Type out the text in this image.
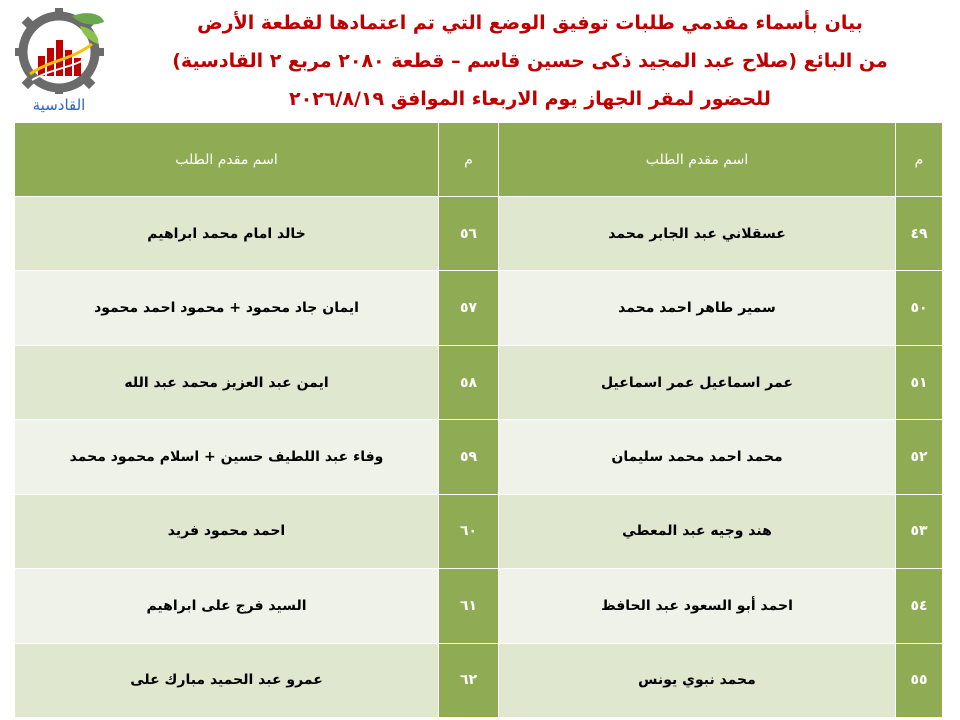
القادسية
بيان بأسماء مقدمي طلبات توفيق الوضع التي تم اعتمادها لقطعة الأرض
من البائع (صلاح عبد المجيد ذكى حسين قاسم – قطعة ٢٠٨٠ مربع ٢ القادسية)
للحضور لمقر الجهاز يوم الاربعاء الموافق ٢٠٢٦/٨/١٩
م	اسم مقدم الطلب	م	اسم مقدم الطلب
٤٩	عسقلاني عبد الجابر محمد	٥٦	خالد امام محمد ابراهيم
٥٠	سمير طاهر احمد محمد	٥٧	ايمان جاد محمود + محمود احمد محمود
٥١	عمر اسماعيل عمر اسماعيل	٥٨	ايمن عبد العزيز محمد عبد الله
٥٢	محمد احمد محمد سليمان	٥٩	وفاء عبد اللطيف حسين + اسلام محمود محمد
٥٣	هند وجيه عبد المعطي	٦٠	احمد محمود فريد
٥٤	احمد أبو السعود عبد الحافظ	٦١	السيد فرج على ابراهيم
٥٥	محمد نبوي يونس	٦٢	عمرو عبد الحميد مبارك على
